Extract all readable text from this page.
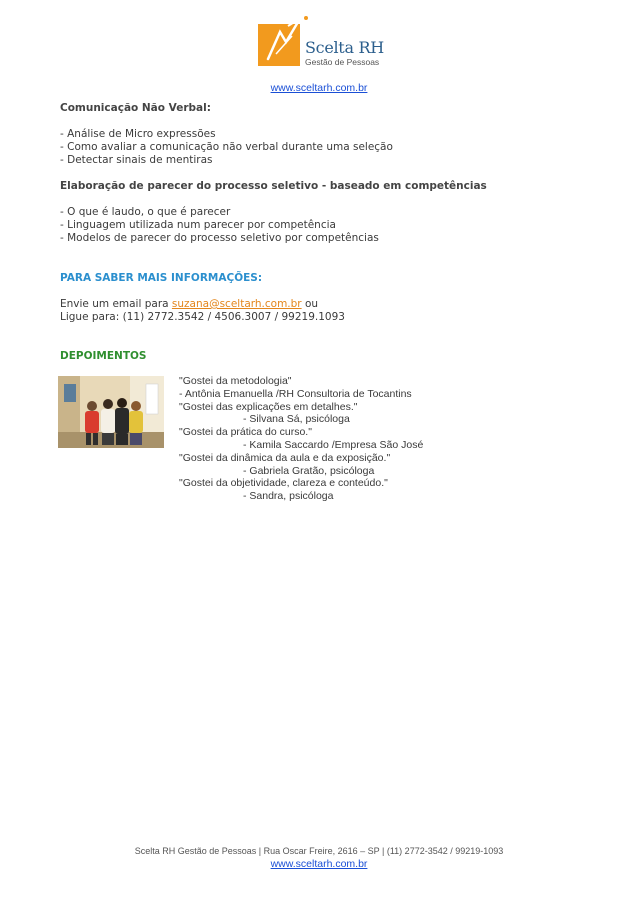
Scelta RH
Gestão de Pessoas
www.sceltarh.com.br
Comunicação Não Verbal:
- Análise de Micro expressões
- Como avaliar a comunicação não verbal durante uma seleção
- Detectar sinais de mentiras
Elaboração de parecer do processo seletivo - baseado em competências
- O que é laudo, o que é parecer
- Linguagem utilizada num parecer por competência
- Modelos de parecer do processo seletivo por competências
PARA SABER MAIS INFORMAÇÕES:
Envie um email para suzana@sceltarh.com.br ou
Ligue para: (11) 2772.3542 / 4506.3007 / 99219.1093
DEPOIMENTOS
"Gostei da metodologia"
- Antônia Emanuella /RH Consultoria de Tocantins
"Gostei das explicações em detalhes."
- Silvana Sá, psicóloga
"Gostei da prática do curso."
- Kamila Saccardo /Empresa São José
"Gostei da dinâmica da aula e da exposição."
- Gabriela Gratão, psicóloga
"Gostei da objetividade, clareza e conteúdo."
- Sandra, psicóloga
Scelta RH Gestão de Pessoas | Rua Oscar Freire, 2616 – SP | (11) 2772-3542 / 99219-1093
www.sceltarh.com.br
